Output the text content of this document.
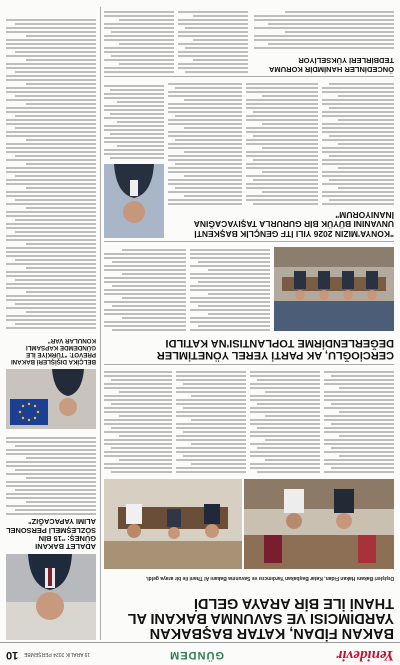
Yenidevir
GÜNDEM
19 ARALIK 2024 PERŞEMBE
10
BAKAN FİDAN, KATAR BAŞBAKAN YARDIMCISI VE SAVUNMA BAKANI AL THANİ İLE BİR ARAYA GELDİ
Dışişleri Bakanı Hakan Fidan, Katar Başbakan Yardımcısı ve Savunma Bakanı Al Thani ile bir araya geldi.
ADALET BAKANI GÜNEŞ: "15 BİN SÖZLEŞMELİ PERSONEL ALIMI YAPACAĞIZ"
BELÇİKA DIŞİŞLERİ BAKANI PREVOT: "TÜRKİYE İLE GÜNDEMDE KAPSAMLI KONULAR VAR"
CERCİOĞLU, AK PARTİ YEREL YÖNETİMLER DEĞERLENDİRME TOPLANTISI'NA KATILDI
"KONYA'MIZIN 2026 YILI İTF GENÇLİK BAŞKENTİ UNVANINI BÜYÜK BİR GURURLA TAŞIYACAĞINA İNANIYORUM"
ÖNCEDİNLER HANİMDİR KORUMA TEDBİRLERİ YÜKSELİYOR
